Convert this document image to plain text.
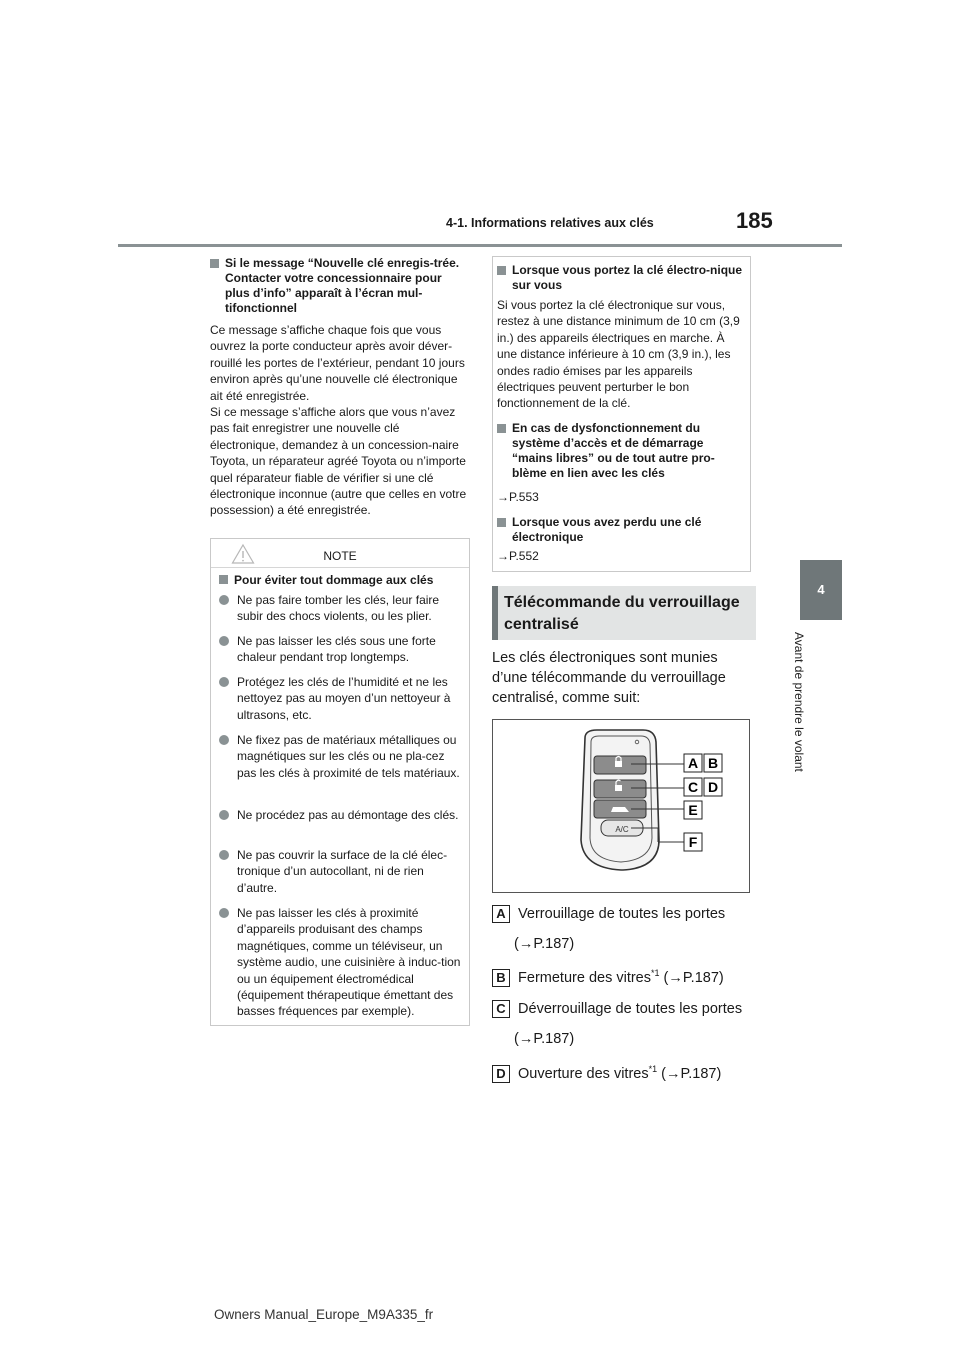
4-1. Informations relatives aux clés	185
4
Avant de prendre le volant
Si le message “Nouvelle clé enregis-trée. Contacter votre concessionnaire pour plus d’info” apparaît à l’écran mul-tifonctionnel
Ce message s’affiche chaque fois que vous ouvrez la porte conducteur après avoir déver-rouillé les portes de l’extérieur, pendant 10 jours environ après qu’une nouvelle clé électronique ait été enregistrée.
Si ce message s’affiche alors que vous n’avez pas fait enregistrer une nouvelle clé électronique, demandez à un concession-naire Toyota, un réparateur agréé Toyota ou n’importe quel réparateur fiable de vérifier si une clé électronique inconnue (autre que celles en votre possession) a été enregistrée.
NOTE
Pour éviter tout dommage aux clés
Ne pas faire tomber les clés, leur faire subir des chocs violents, ou les plier.
Ne pas laisser les clés sous une forte chaleur pendant trop longtemps.
Protégez les clés de l’humidité et ne les nettoyez pas au moyen d’un nettoyeur à ultrasons, etc.
Ne fixez pas de matériaux métalliques ou magnétiques sur les clés ou ne pla-cez pas les clés à proximité de tels matériaux.
Ne procédez pas au démontage des clés.
Ne pas couvrir la surface de la clé élec-tronique d’un autocollant, ni de rien d’autre.
Ne pas laisser les clés à proximité d’appareils produisant des champs magnétiques, comme un téléviseur, un système audio, une cuisinière à induc-tion ou un équipement électromédical (équipement thérapeutique émettant des basses fréquences par exemple).
Lorsque vous portez la clé électro-nique sur vous
Si vous portez la clé électronique sur vous, restez à une distance minimum de 10 cm (3,9 in.) des appareils électriques en marche. À une distance inférieure à 10 cm (3,9 in.), les ondes radio émises par les appareils électriques peuvent perturber le bon fonctionnement de la clé.
En cas de dysfonctionnement du système d’accès et de démarrage “mains libres” ou de tout autre pro-blème en lien avec les clés
→P.553
Lorsque vous avez perdu une clé électronique
→P.552
Télécommande du verrouillage centralisé
Les clés électroniques sont munies d’une télécommande du verrouillage centralisé, comme suit:
A/C
A B
C D
E
F
A Verrouillage de toutes les portes
(→P.187)
B Fermeture des vitres$^{*1}$ (→P.187)
C Déverrouillage de toutes les portes
(→P.187)
D Ouverture des vitres$^{*1}$ (→P.187)
Owners Manual_Europe_M9A335_fr
